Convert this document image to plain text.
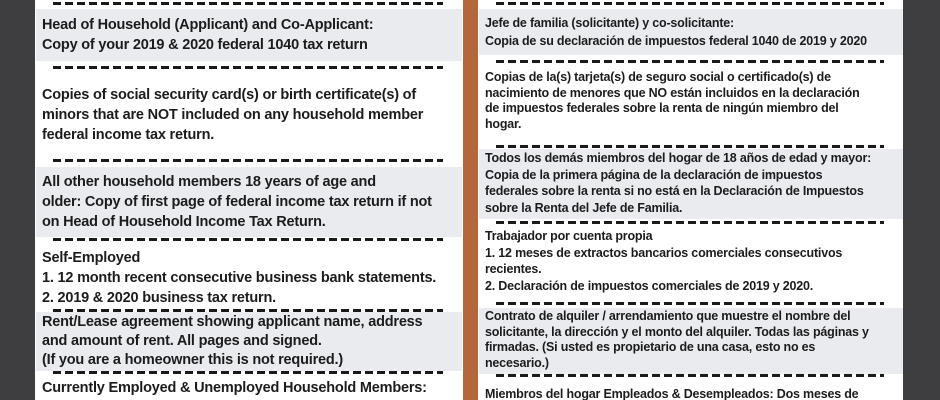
Head of Household (Applicant) and Co-Applicant:
Copy of your 2019 & 2020 federal 1040 tax return
Copies of social security card(s) or birth certificate(s) of
minors that are NOT included on any household member
federal income tax return.
All other household members 18 years of age and
older: Copy of first page of federal income tax return if not
on Head of Household Income Tax Return.
Self-Employed
1. 12 month recent consecutive business bank statements.
2. 2019 & 2020 business tax return.
Rent/Lease agreement showing applicant name, address
and amount of rent. All pages and signed.
(If you are a homeowner this is not required.)
Currently Employed & Unemployed Household Members:
Jefe de familia (solicitante) y co-solicitante:
Copia de su declaración de impuestos federal 1040 de 2019 y 2020
Copias de la(s) tarjeta(s) de seguro social o certificado(s) de
nacimiento de menores que NO están incluidos en la declaración
de impuestos federales sobre la renta de ningún miembro del
hogar.
Todos los demás miembros del hogar de 18 años de edad y mayor:
Copia de la primera página de la declaración de impuestos
federales sobre la renta si no está en la Declaración de Impuestos
sobre la Renta del Jefe de Familia.
Trabajador por cuenta propia
1. 12 meses de extractos bancarios comerciales consecutivos
recientes.
2. Declaración de impuestos comerciales de 2019 y 2020.
Contrato de alquiler / arrendamiento que muestre el nombre del
solicitante, la dirección y el monto del alquiler. Todas las páginas y
firmadas. (Si usted es propietario de una casa, esto no es
necesario.)
Miembros del hogar Empleados & Desempleados: Dos meses de
